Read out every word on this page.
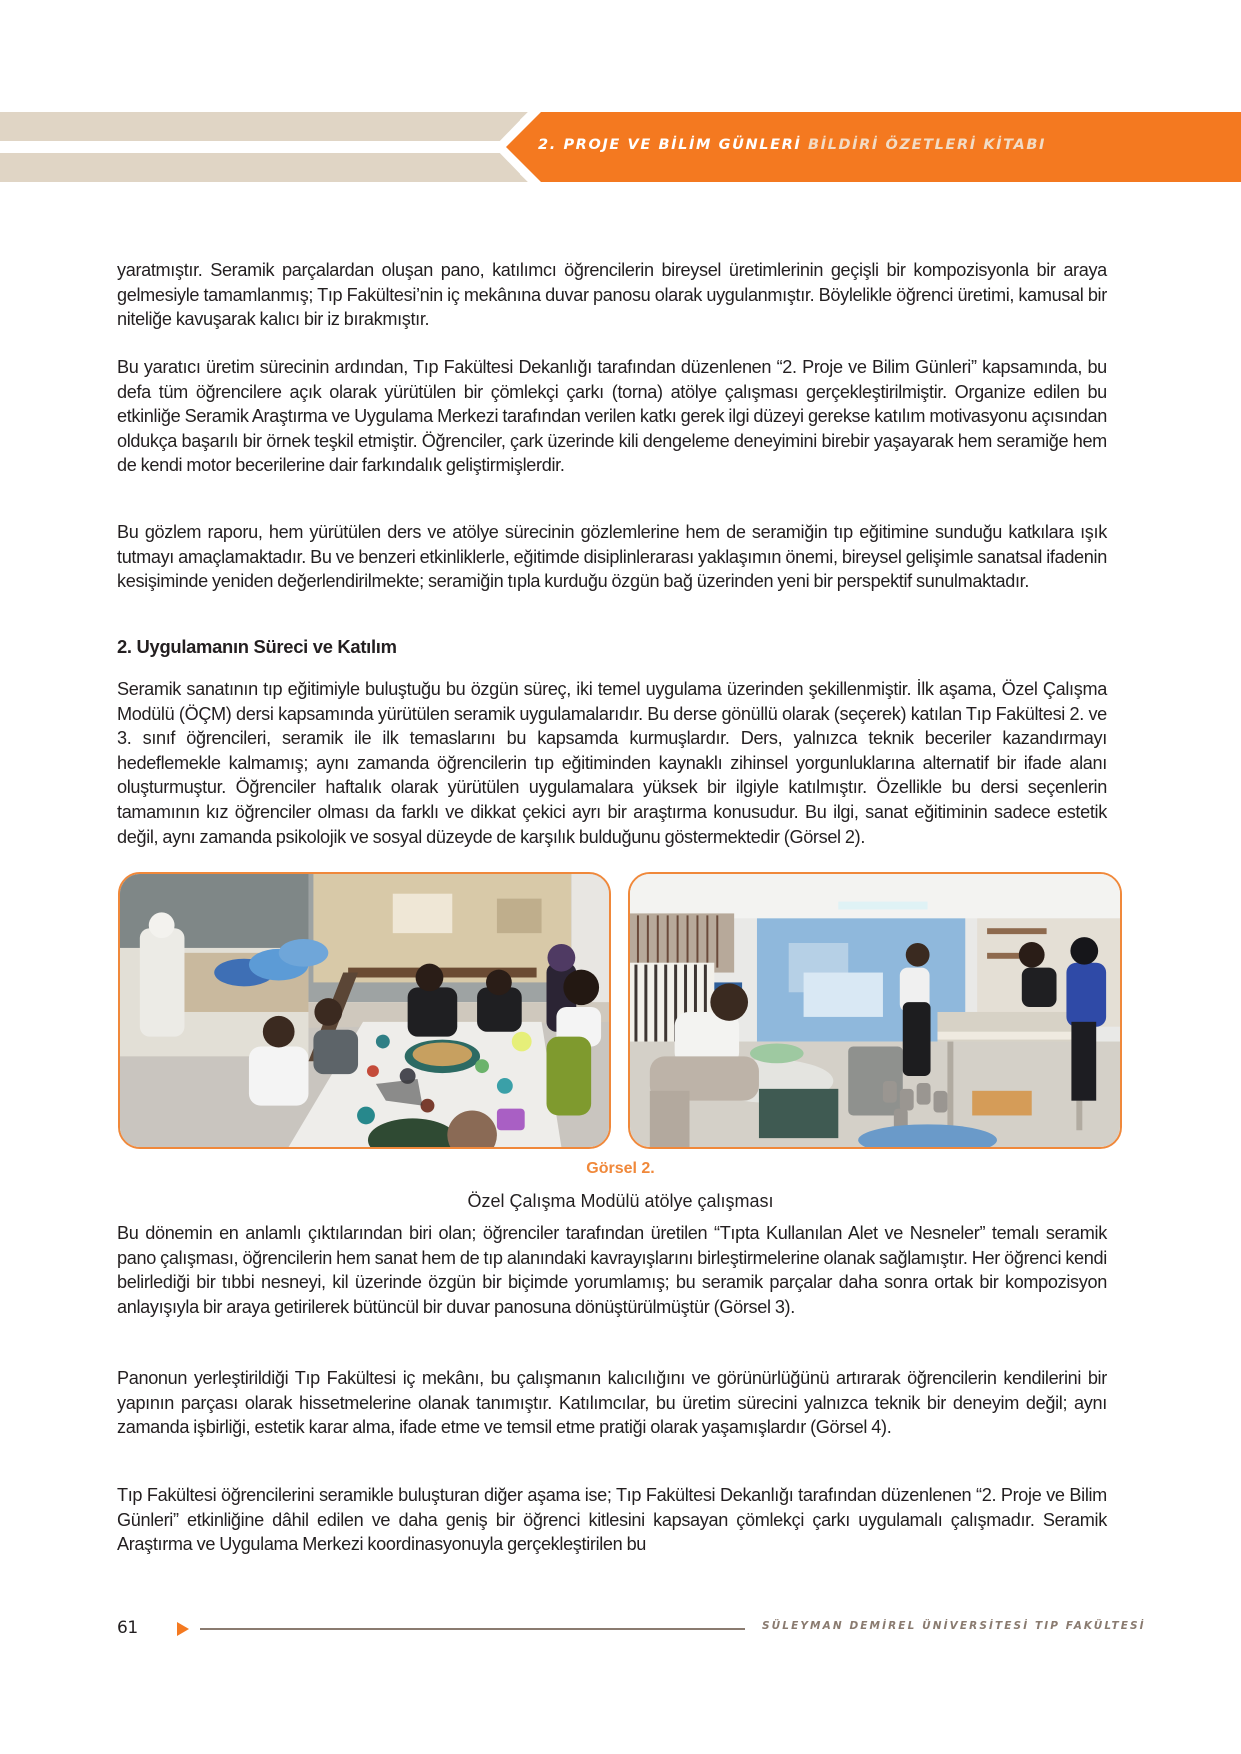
2. PROJE VE BİLİM GÜNLERİ BİLDİRİ ÖZETLERİ KİTABI

yaratmıştır. Seramik parçalardan oluşan pano, katılımcı öğrencilerin bireysel üretimlerinin geçişli bir kompozisyonla bir araya gelmesiyle tamamlanmış; Tıp Fakültesi’nin iç mekânına duvar panosu olarak uygulanmıştır. Böylelikle öğrenci üretimi, kamusal bir niteliğe kavuşarak kalıcı bir iz bırakmıştır.

Bu yaratıcı üretim sürecinin ardından, Tıp Fakültesi Dekanlığı tarafından düzenlenen “2. Proje ve Bilim Günleri” kapsamında, bu defa tüm öğrencilere açık olarak yürütülen bir çömlekçi çarkı (torna) atölye çalışması gerçekleştirilmiştir. Organize edilen bu etkinliğe Seramik Araştırma ve Uygulama Merkezi tarafından verilen katkı gerek ilgi düzeyi gerekse katılım motivasyonu açısından oldukça başarılı bir örnek teşkil etmiştir. Öğrenciler, çark üzerinde kili dengeleme deneyimini birebir yaşayarak hem seramiğe hem de kendi motor becerilerine dair farkındalık geliştirmişlerdir.

Bu gözlem raporu, hem yürütülen ders ve atölye sürecinin gözlemlerine hem de seramiğin tıp eğitimine sunduğu katkılara ışık tutmayı amaçlamaktadır. Bu ve benzeri etkinliklerle, eğitimde disiplinlerarası yaklaşımın önemi, bireysel gelişimle sanatsal ifadenin kesişiminde yeniden değerlendirilmekte; seramiğin tıpla kurduğu özgün bağ üzerinden yeni bir perspektif sunulmaktadır.

2. Uygulamanın Süreci ve Katılım

Seramik sanatının tıp eğitimiyle buluştuğu bu özgün süreç, iki temel uygulama üzerinden şekillenmiştir. İlk aşama, Özel Çalışma Modülü (ÖÇM) dersi kapsamında yürütülen seramik uygulamalarıdır. Bu derse gönüllü olarak (seçerek) katılan Tıp Fakültesi 2. ve 3. sınıf öğrencileri, seramik ile ilk temaslarını bu kapsamda kurmuşlardır. Ders, yalnızca teknik beceriler kazandırmayı hedeflemekle kalmamış; aynı zamanda öğrencilerin tıp eğitiminden kaynaklı zihinsel yorgunluklarına alternatif bir ifade alanı oluşturmuştur. Öğrenciler haftalık olarak yürütülen uygulamalara yüksek bir ilgiyle katılmıştır. Özellikle bu dersi seçenlerin tamamının kız öğrenciler olması da farklı ve dikkat çekici ayrı bir araştırma konusudur. Bu ilgi, sanat eğitiminin sadece estetik değil, aynı zamanda psikolojik ve sosyal düzeyde de karşılık bulduğunu göstermektedir (Görsel 2).

Görsel 2.
Özel Çalışma Modülü atölye çalışması

Bu dönemin en anlamlı çıktılarından biri olan; öğrenciler tarafından üretilen “Tıpta Kullanılan Alet ve Nesneler” temalı seramik pano çalışması, öğrencilerin hem sanat hem de tıp alanındaki kavrayışlarını birleştirmelerine olanak sağlamıştır. Her öğrenci kendi belirlediği bir tıbbi nesneyi, kil üzerinde özgün bir biçimde yorumlamış; bu seramik parçalar daha sonra ortak bir kompozisyon anlayışıyla bir araya getirilerek bütüncül bir duvar panosuna dönüştürülmüştür (Görsel 3).

Panonun yerleştirildiği Tıp Fakültesi iç mekânı, bu çalışmanın kalıcılığını ve görünürlüğünü artırarak öğrencilerin kendilerini bir yapının parçası olarak hissetmelerine olanak tanımıştır. Katılımcılar, bu üretim sürecini yalnızca teknik bir deneyim değil; aynı zamanda işbirliği, estetik karar alma, ifade etme ve temsil etme pratiği olarak yaşamışlardır (Görsel 4).

Tıp Fakültesi öğrencilerini seramikle buluşturan diğer aşama ise; Tıp Fakültesi Dekanlığı tarafından düzenlenen “2. Proje ve Bilim Günleri” etkinliğine dâhil edilen ve daha geniş bir öğrenci kitlesini kapsayan çömlekçi çarkı uygulamalı çalışmadır. Seramik Araştırma ve Uygulama Merkezi koordinasyonuyla gerçekleştirilen bu

61	SÜLEYMAN DEMİREL ÜNİVERSİTESİ TIP FAKÜLTESİ
